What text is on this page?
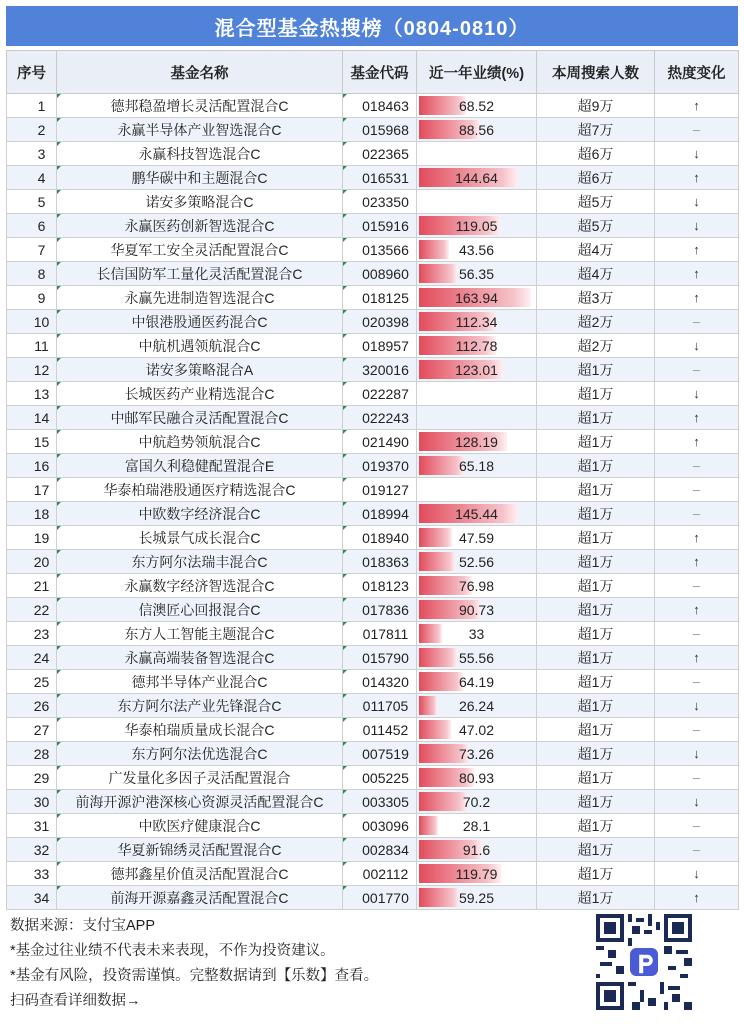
混合型基金热搜榜（0804-0810）
序号	基金名称	基金代码	近一年业绩(%)	本周搜索人数	热度变化
1	德邦稳盈增长灵活配置混合C	018463	68.52	超9万	↑
2	永赢半导体产业智选混合C	015968	88.56	超7万	–
3	永赢科技智选混合C	022365		超6万	↓
4	鹏华碳中和主题混合C	016531	144.64	超6万	↑
5	诺安多策略混合C	023350		超5万	↓
6	永赢医药创新智选混合C	015916	119.05	超5万	↓
7	华夏军工安全灵活配置混合C	013566	43.56	超4万	↑
8	长信国防军工量化灵活配置混合C	008960	56.35	超4万	↑
9	永赢先进制造智选混合C	018125	163.94	超3万	↑
10	中银港股通医药混合C	020398	112.34	超2万	–
11	中航机遇领航混合C	018957	112.78	超2万	↓
12	诺安多策略混合A	320016	123.01	超1万	–
13	长城医药产业精选混合C	022287		超1万	↓
14	中邮军民融合灵活配置混合C	022243		超1万	↑
15	中航趋势领航混合C	021490	128.19	超1万	↑
16	富国久利稳健配置混合E	019370	65.18	超1万	–
17	华泰柏瑞港股通医疗精选混合C	019127		超1万	–
18	中欧数字经济混合C	018994	145.44	超1万	–
19	长城景气成长混合C	018940	47.59	超1万	↑
20	东方阿尔法瑞丰混合C	018363	52.56	超1万	↑
21	永赢数字经济智选混合C	018123	76.98	超1万	–
22	信澳匠心回报混合C	017836	90.73	超1万	↑
23	东方人工智能主题混合C	017811	33	超1万	–
24	永赢高端装备智选混合C	015790	55.56	超1万	↑
25	德邦半导体产业混合C	014320	64.19	超1万	–
26	东方阿尔法产业先锋混合C	011705	26.24	超1万	↓
27	华泰柏瑞质量成长混合C	011452	47.02	超1万	–
28	东方阿尔法优选混合C	007519	73.26	超1万	↓
29	广发量化多因子灵活配置混合	005225	80.93	超1万	–
30	前海开源沪港深核心资源灵活配置混合C	003305	70.2	超1万	↓
31	中欧医疗健康混合C	003096	28.1	超1万	–
32	华夏新锦绣灵活配置混合C	002834	91.6	超1万	–
33	德邦鑫星价值灵活配置混合C	002112	119.79	超1万	↓
34	前海开源嘉鑫灵活配置混合C	001770	59.25	超1万	↑
数据来源：支付宝APP
*基金过往业绩不代表未来表现，不作为投资建议。
*基金有风险，投资需谨慎。完整数据请到【乐数】查看。
扫码查看详细数据→
